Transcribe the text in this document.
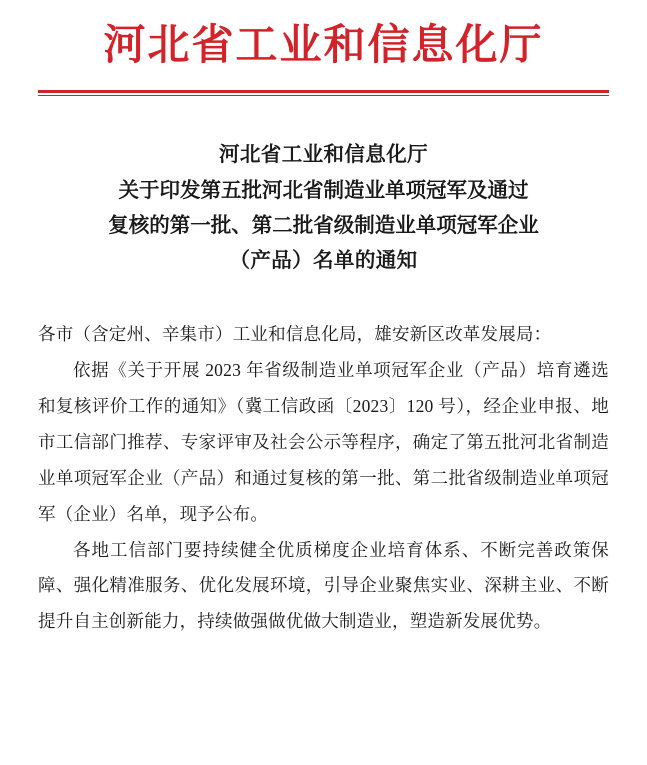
河北省工业和信息化厅
河北省工业和信息化厅
关于印发第五批河北省制造业单项冠军及通过
复核的第一批、第二批省级制造业单项冠军企业
（产品）名单的通知

各市（含定州、辛集市）工业和信息化局，雄安新区改革发展局：

依据《关于开展 2023 年省级制造业单项冠军企业（产品）培育遴选和复核评价工作的通知》（冀工信政函〔2023〕120 号），经企业申报、地市工信部门推荐、专家评审及社会公示等程序，确定了第五批河北省制造业单项冠军企业（产品）和通过复核的第一批、第二批省级制造业单项冠军（企业）名单，现予公布。

各地工信部门要持续健全优质梯度企业培育体系、不断完善政策保障、强化精准服务、优化发展环境，引导企业聚焦实业、深耕主业、不断提升自主创新能力，持续做强做优做大制造业，塑造新发展优势。
